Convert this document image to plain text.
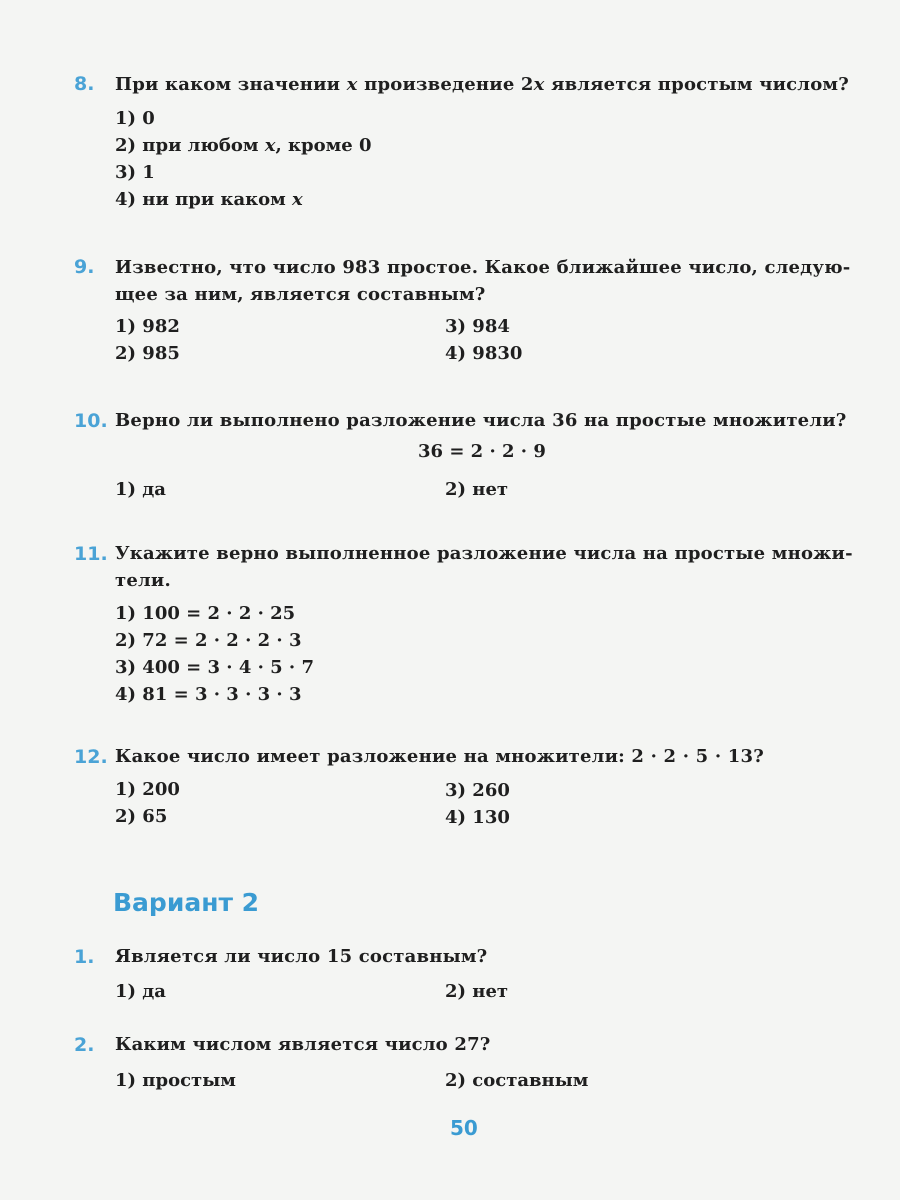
8. При каком значении x произведение 2x является простым числом?
1) 0
2) при любом x, кроме 0
3) 1
4) ни при каком x
9. Известно, что число 983 простое. Какое ближайшее число, следую-
щее за ним, является составным?
1) 982	3) 984
2) 985	4) 9830
10. Верно ли выполнено разложение числа 36 на простые множители?
36 = 2 · 2 · 9
1) да	2) нет
11. Укажите верно выполненное разложение числа на простые множи-
тели.
1) 100 = 2 · 2 · 25
2) 72 = 2 · 2 · 2 · 3
3) 400 = 3 · 4 · 5 · 7
4) 81 = 3 · 3 · 3 · 3
12. Какое число имеет разложение на множители: 2 · 2 · 5 · 13?
1) 200	3) 260
2) 65	4) 130
Вариант 2
1. Является ли число 15 составным?
1) да	2) нет
2. Каким числом является число 27?
1) простым	2) составным
50
